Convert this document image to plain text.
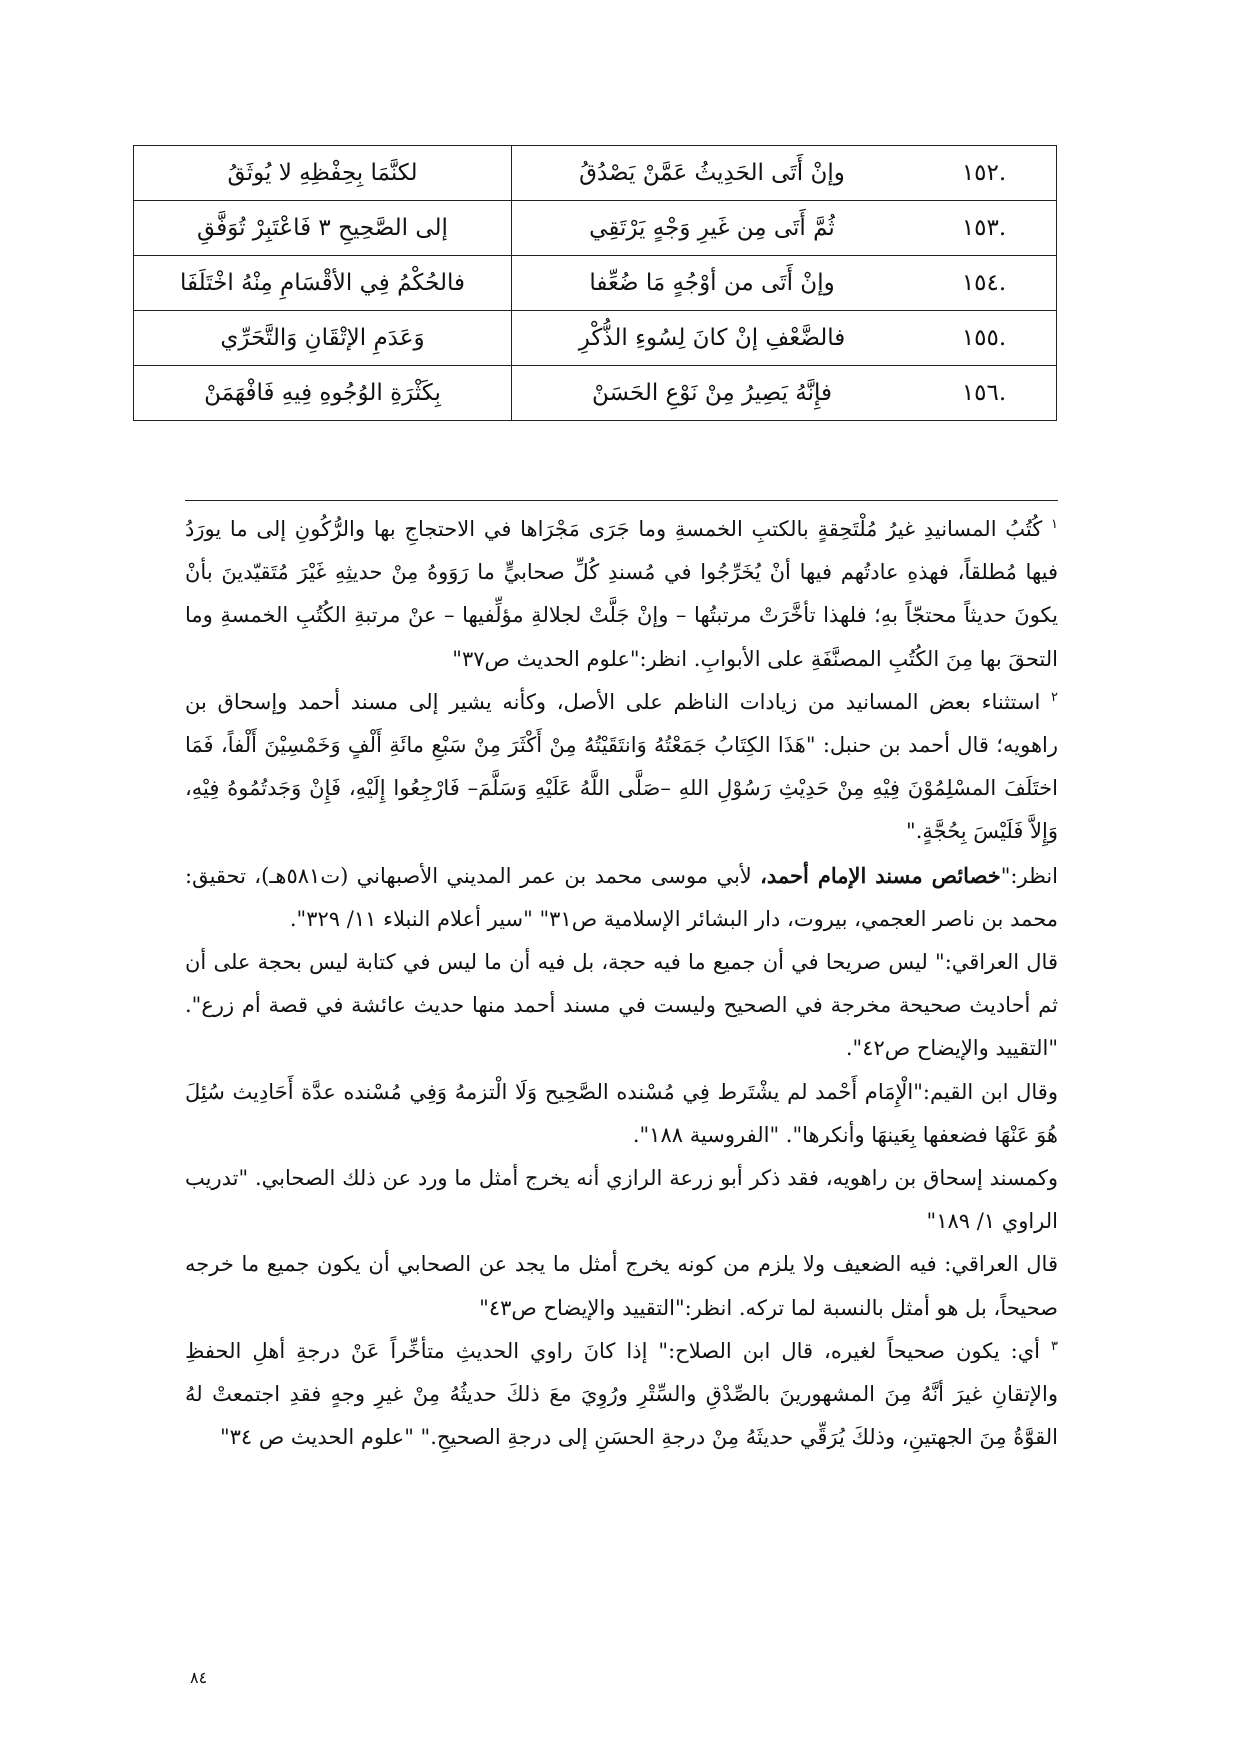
.١٥٢	وإنْ أَتَى الحَدِيثُ عَمَّنْ يَصْدُقُ	لكنَّمَا بِحِفْظِهِ لا يُوثَقُ
.١٥٣	ثُمَّ أَتَى مِن غَيرِ وَجْهٍ يَرْتَقِي	إلى الصَّحِيحِ ٣ فَاعْتَبِرْ تُوَفَّقِ
.١٥٤	وإنْ أَتَى من أوْجُهٍ مَا ضُعِّفا	فالحُكْمُ فِي الأقْسَامِ مِنْهُ اخْتَلَفَا
.١٥٥	فالضَّعْفِ إنْ كانَ لِسُوءِ الذُّكْرِ	وَعَدَمِ الإتْقَانِ وَالتَّحَرِّي
.١٥٦	فإِنَّهُ يَصِيرُ مِنْ نَوْعِ الحَسَنْ	بِكَثْرَةِ الوُجُوهِ فِيهِ فَافْهَمَنْ

$^١$ كُتُبُ المسانيدِ غيرُ مُلْتَحِقةٍ بالكتبِ الخمسةِ وما جَرَى مَجْرَاها في الاحتجاجِ بها والرُّكُونِ إلى ما يورَدُ فيها مُطلقاً، فهذهِ عادتُهم فيها أنْ يُخَرِّجُوا في مُسندِ كُلِّ صحابيٍّ ما رَوَوهُ مِنْ حديثِهِ غَيْرَ مُتَقيّدينَ بأنْ يكونَ حديثاً محتجّاً بهِ؛ فلهذا تأخَّرَتْ مرتبتُها – وإنْ جَلَّتْ لجلالةِ مؤلِّفيها – عنْ مرتبةِ الكُتُبِ الخمسةِ وما التحقَ بها مِنَ الكُتُبِ المصنَّفَةِ على الأبوابِ. انظر:"علوم الحديث ص٣٧"

$^٢$ استثناء بعض المسانيد من زيادات الناظم على الأصل، وكأنه يشير إلى مسند أحمد وإسحاق بن راهويه؛ قال أحمد بن حنبل: "هَذَا الكِتَابُ جَمَعْتُهُ وَانتَقَيْتُهُ مِنْ أَكْثَرَ مِنْ سَبْعِ مائَةِ أَلْفٍ وَخَمْسِيْنَ أَلْفاً، فَمَا اختَلَفَ المسْلِمُوْنَ فِيْهِ مِنْ حَدِيْثِ رَسُوْلِ اللهِ –صَلَّى اللَّهُ عَلَيْهِ وَسَلَّمَ– فَارْجِعُوا إِلَيْهِ، فَإِنْ وَجَدتُمُوهُ فِيْهِ، وَإِلاَّ فَلَيْسَ بِحُجَّةٍ."

انظر:"خصائص مسند الإمام أحمد، لأبي موسى محمد بن عمر المديني الأصبهاني (ت٥٨١هـ)، تحقيق: محمد بن ناصر العجمي، بيروت، دار البشائر الإسلامية ص٣١" "سير أعلام النبلاء ١١/ ٣٢٩".

قال العراقي:" ليس صريحا في أن جميع ما فيه حجة، بل فيه أن ما ليس في كتابة ليس بحجة على أن ثم أحاديث صحيحة مخرجة في الصحيح وليست في مسند أحمد منها حديث عائشة في قصة أم زرع". "التقييد والإيضاح ص٤٢".

وقال ابن القيم:"الْإِمَام أَحْمد لم يشْتَرط فِي مُسْنده الصَّحِيح وَلَا الْتزمهُ وَفِي مُسْنده عدَّة أَحَادِيث سُئِلَ هُوَ عَنْهَا فضعفها بِعَينهَا وأنكرها". "الفروسية ١٨٨".

وكمسند إسحاق بن راهويه، فقد ذكر أبو زرعة الرازي أنه يخرج أمثل ما ورد عن ذلك الصحابي. "تدريب الراوي ١/ ١٨٩"

قال العراقي: فيه الضعيف ولا يلزم من كونه يخرج أمثل ما يجد عن الصحابي أن يكون جميع ما خرجه صحيحاً، بل هو أمثل بالنسبة لما تركه. انظر:"التقييد والإيضاح ص٤٣"

$^٣$ أي: يكون صحيحاً لغيره، قال ابن الصلاح:" إذا كانَ راوي الحديثِ متأخِّراً عَنْ درجةِ أهلِ الحفظِ والإتقانِ غيرَ أنَّهُ مِنَ المشهورينَ بالصِّدْقِ والسِّتْرِ ورُوِيَ معَ ذلكَ حديثُهُ مِنْ غيرِ وجهٍ فقدِ اجتمعتْ لهُ القوَّةُ مِنَ الجهتينِ، وذلكَ يُرَقِّي حديثَهُ مِنْ درجةِ الحسَنِ إلى درجةِ الصحيحِ." "علوم الحديث ص ٣٤"

٨٤
